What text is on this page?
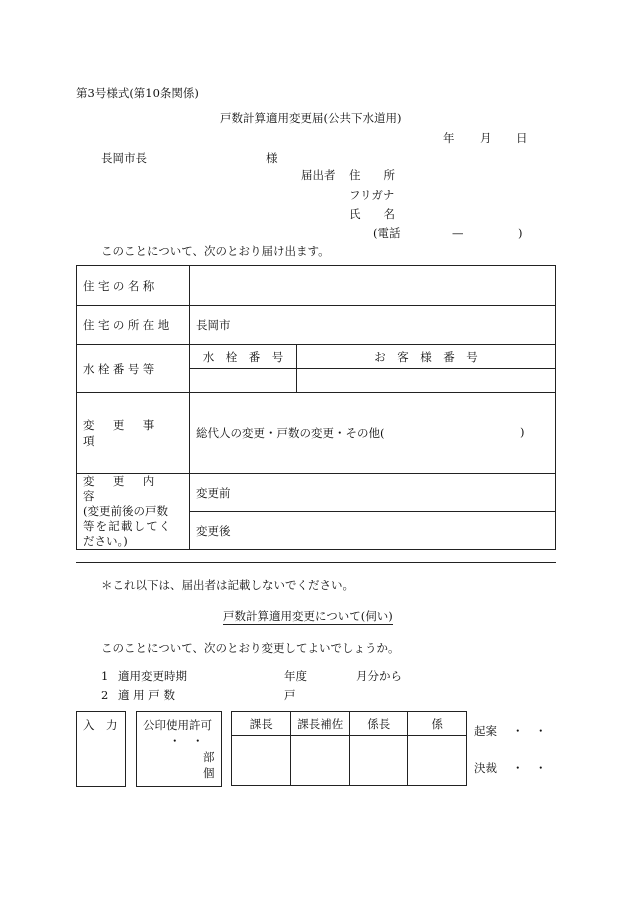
第3号様式(第10条関係)
戸数計算適用変更届(公共下水道用)
年 月 日
長岡市長	様
届出者 住　　所
フリガナ
氏　　名
(電話	—	)
このことについて、次のとおり届け出ます。
住宅の名称		
住宅の所在地	長岡市	
水栓番号等	水　栓　番　号	お　客　様　番　号

変　更　事　項	総代人の変更・戸数の変更・その他( )	

変　更　内　容
(変更前後の戸数
等を記載してく
ださい。)	変更前	
	変更後	
＊これ以下は、届出者は記載しないでください。
戸数計算適用変更について(伺い)
このことについて、次のとおり変更してよいでしょうか。
1 適用変更時期	年度	月分から
2 適 用 戸 数	戸
入　力 公印使用許可
・　・
部
個
課長	課長補佐	係長	係

起案 ・　・
決裁 ・　・
